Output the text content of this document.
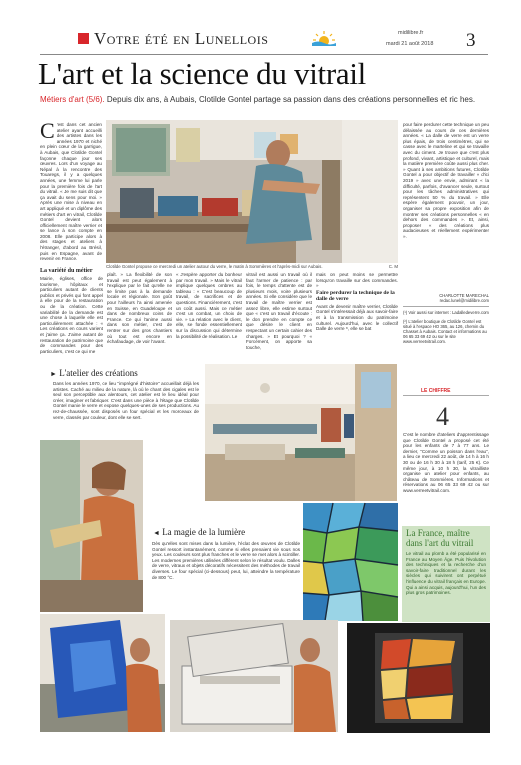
Votre été en Lunellois	midilibre.fr
mardi 21 août 2018 3
L'art et la science du vitrail
Métiers d'art (5/6). Depuis dix ans, à Aubais, Clotilde Gontel partage sa passion dans des créations personnelles et ric hes.
C 'est dans cet ancien atelier ayant accueilli des artistes dans les années 1970 et niché en plein cœur de la garrigue, à Aubais, que Clotilde Gontel façonne chaque jour ses œuvres. Lors d'un voyage au Népal à la rencontre des Touaregs, il y a quelques années, une femme lui parle pour la première fois de l'art du vitrail. « Je me suis dit que ça avait du sens pour moi. » Après une mise à niveau en art appliqué et un diplôme des métiers d'art en vitrail, Clotilde Gontel devient alors officiellement maître verrier et se lance à son compte en 2008. Elle participe alors à des stages et ateliers à l'étranger, d'abord au Brésil, puis en Espagne, avant de revenir en France.
Clotilde Gontel propose ce mercredi un atelier autour du verre, le matin à Sommières et l'après-midi sur Aubais.	C. M
La variété du métier
Mairie, églises, office de tourisme, hôpitaux et particuliers autant de clients publics et privés qui font appel à elle pour de la restauration ou de la création. Cette variabilité de la demande est une chose à laquelle elle est particulièrement attachée : « Les créations en cours varient et j'aime ça. J'aime autant de restauration de patrimoine que de commandes pour des particuliers, c'est ce qui me
plaît. » La flexibilité de son travail est peut également à l'explique par le fait qu'elle ne se limite pas à la demande locale et régionale. Son goût pour l'ailleurs l'a ainsi amenée en Suisse, en Guadeloupe et dans de nombreux coins de France. Ce qui l'anime aussi dans son métier, c'est de rentrer sur des gros chantiers où tout est encore en échafaudage, de voir l'avant.
« J'espère apporter du bonheur par mon travail. » Mais le vitrail implique quelques ombres au tableau : « C'est beaucoup de travail, de sacrifices et de questions. Financièrement, c'est un coût aussi. Mais ce métier c'est un combat, un choix de vie. » La relation avec le client, elle, se fonde essentiellement sur la discussion qui détermine la possibilité de réalisation. Le
vitrail est aussi un travail où il faut l'armer de patience : par fois, le temps d'attente est de plusieurs mois, voire plusieurs années. Si elle considère que le travail de maître verrier est assez libre, elle estime surtout que « c'est un travail d'écoute : le don prendre en compte ce que désire le client en respectant un certain cahier des charges. » Et pourquoi ? « Forcément, on apporte sa touche,
mais on peut moins se permettre lorsqu'on travaille sur des commandes. »
Faire perdurer la technique de la dalle de verre
Avant de devenir maître verrier, Clotilde Gontel s'intéressait déjà aux savoir-faire et à la transmission du patrimoine culturel. Aujourd'hui, avec le collectif Dalle de verre ⁸, elle se bat
pour faire perdurer cette technique un peu délaissée au cours de ces dernières années. « La dalle de verre est un verre plus épais, de trois centimètres, qui se casse avec le marteline et qui se travaille avec du ciment. Je trouve que c'est plus profond, vivant, artistique et culturel, mais la matière première coûte aussi plus cher. » Quant à ses ambitions futures, Clotilde Gontel a pour objectif de travailler « d'ici 2019 » avec une envie, admirant « la difficulté, parfois, d'avancer seule, surtout pour les tâches administratives qui représentent 50 % du travail. » Elle espère également pouvoir, un jour, organiser sa propre exposition afin de montrer ses créations personnelles « en dehors des commandes ». Et, ainsi, proposer « des créations plus audacieuses et réellement expérimenter ».
CHARLOTTE MARECHAL
redac.lunel@midilibre.com
(¹) Voir aussi sur internet : Ladalledeverre.com
(²) L'atelier boutique de Clotilde Gontel est situé à l'espace HO 365, au 126, chemin du Chasset à Aubais. Contact et informations au 06 65 33 69 42 ou sur le site www.verreetvitrail.com.
LE CHIFFRE
4
C'est le nombre d'ateliers d'apprentissage que Clotilde Gontel a proposé cet été pour les enfants de 7 à 77 ans. Le dernier, "Comme un poisson dans l'eau", a lieu ce mercredi 22 août, de 14 h à 16 h 30 ou de 16 h 30 à 18 h (tarif, 25 €). Ce même jour, à 10 h 30, la vitrailliste organise un atelier pour enfants, au château de Sommières. Informations et réservations au 06 65 33 69 42 ou sur www.verreetvitrail.com.
La France, maître dans l'art du vitrail
Le vitrail au plomb a été popularisé en France au Moyen Âge. Puis l'évolution des techniques et la recherche d'un savoir-faire traditionnel durant les siècles qui suivirent ont perpétué l'influence du vitrail français en Europe. Qui a ainsi acquis, aujourd'hui, l'un des plus gros patrimoines.
► L'atelier des créations
Dans les années 1970, ce lieu "imprégné d'histoire" accueillait déjà les artistes. Caché au milieu de la nature, là où le chant des cigales est le seul son perceptible aux alentours, cet atelier est le lieu idéal pour créer, imaginer et fabriquer. C'est dans une pièce à l'étage que Clotilde Gontel manie le verre et expose quelques-unes de ses productions. Au rez-de-chaussée, sont disposés un four spécial et les morceaux de verre, classés par couleur, dont elle se sert.
◄ La magie de la lumière
Dès qu'elles sont mises dans la lumière, l'éclat des œuvres de Clotilde Gontel ressort instantanément, comme si elles prenaient vie sous nos yeux. Les couleurs sont plus franches et le verre se met alors à scintiller. Les modernes premières utilisées différent selon le résultat voulu. Dalles de verre, vitraux et objets décoratifs nécessitent des méthodes de travail diverses. Le four spécial (ci-dessous) peut, lui, atteindre la température de 800 °C.
